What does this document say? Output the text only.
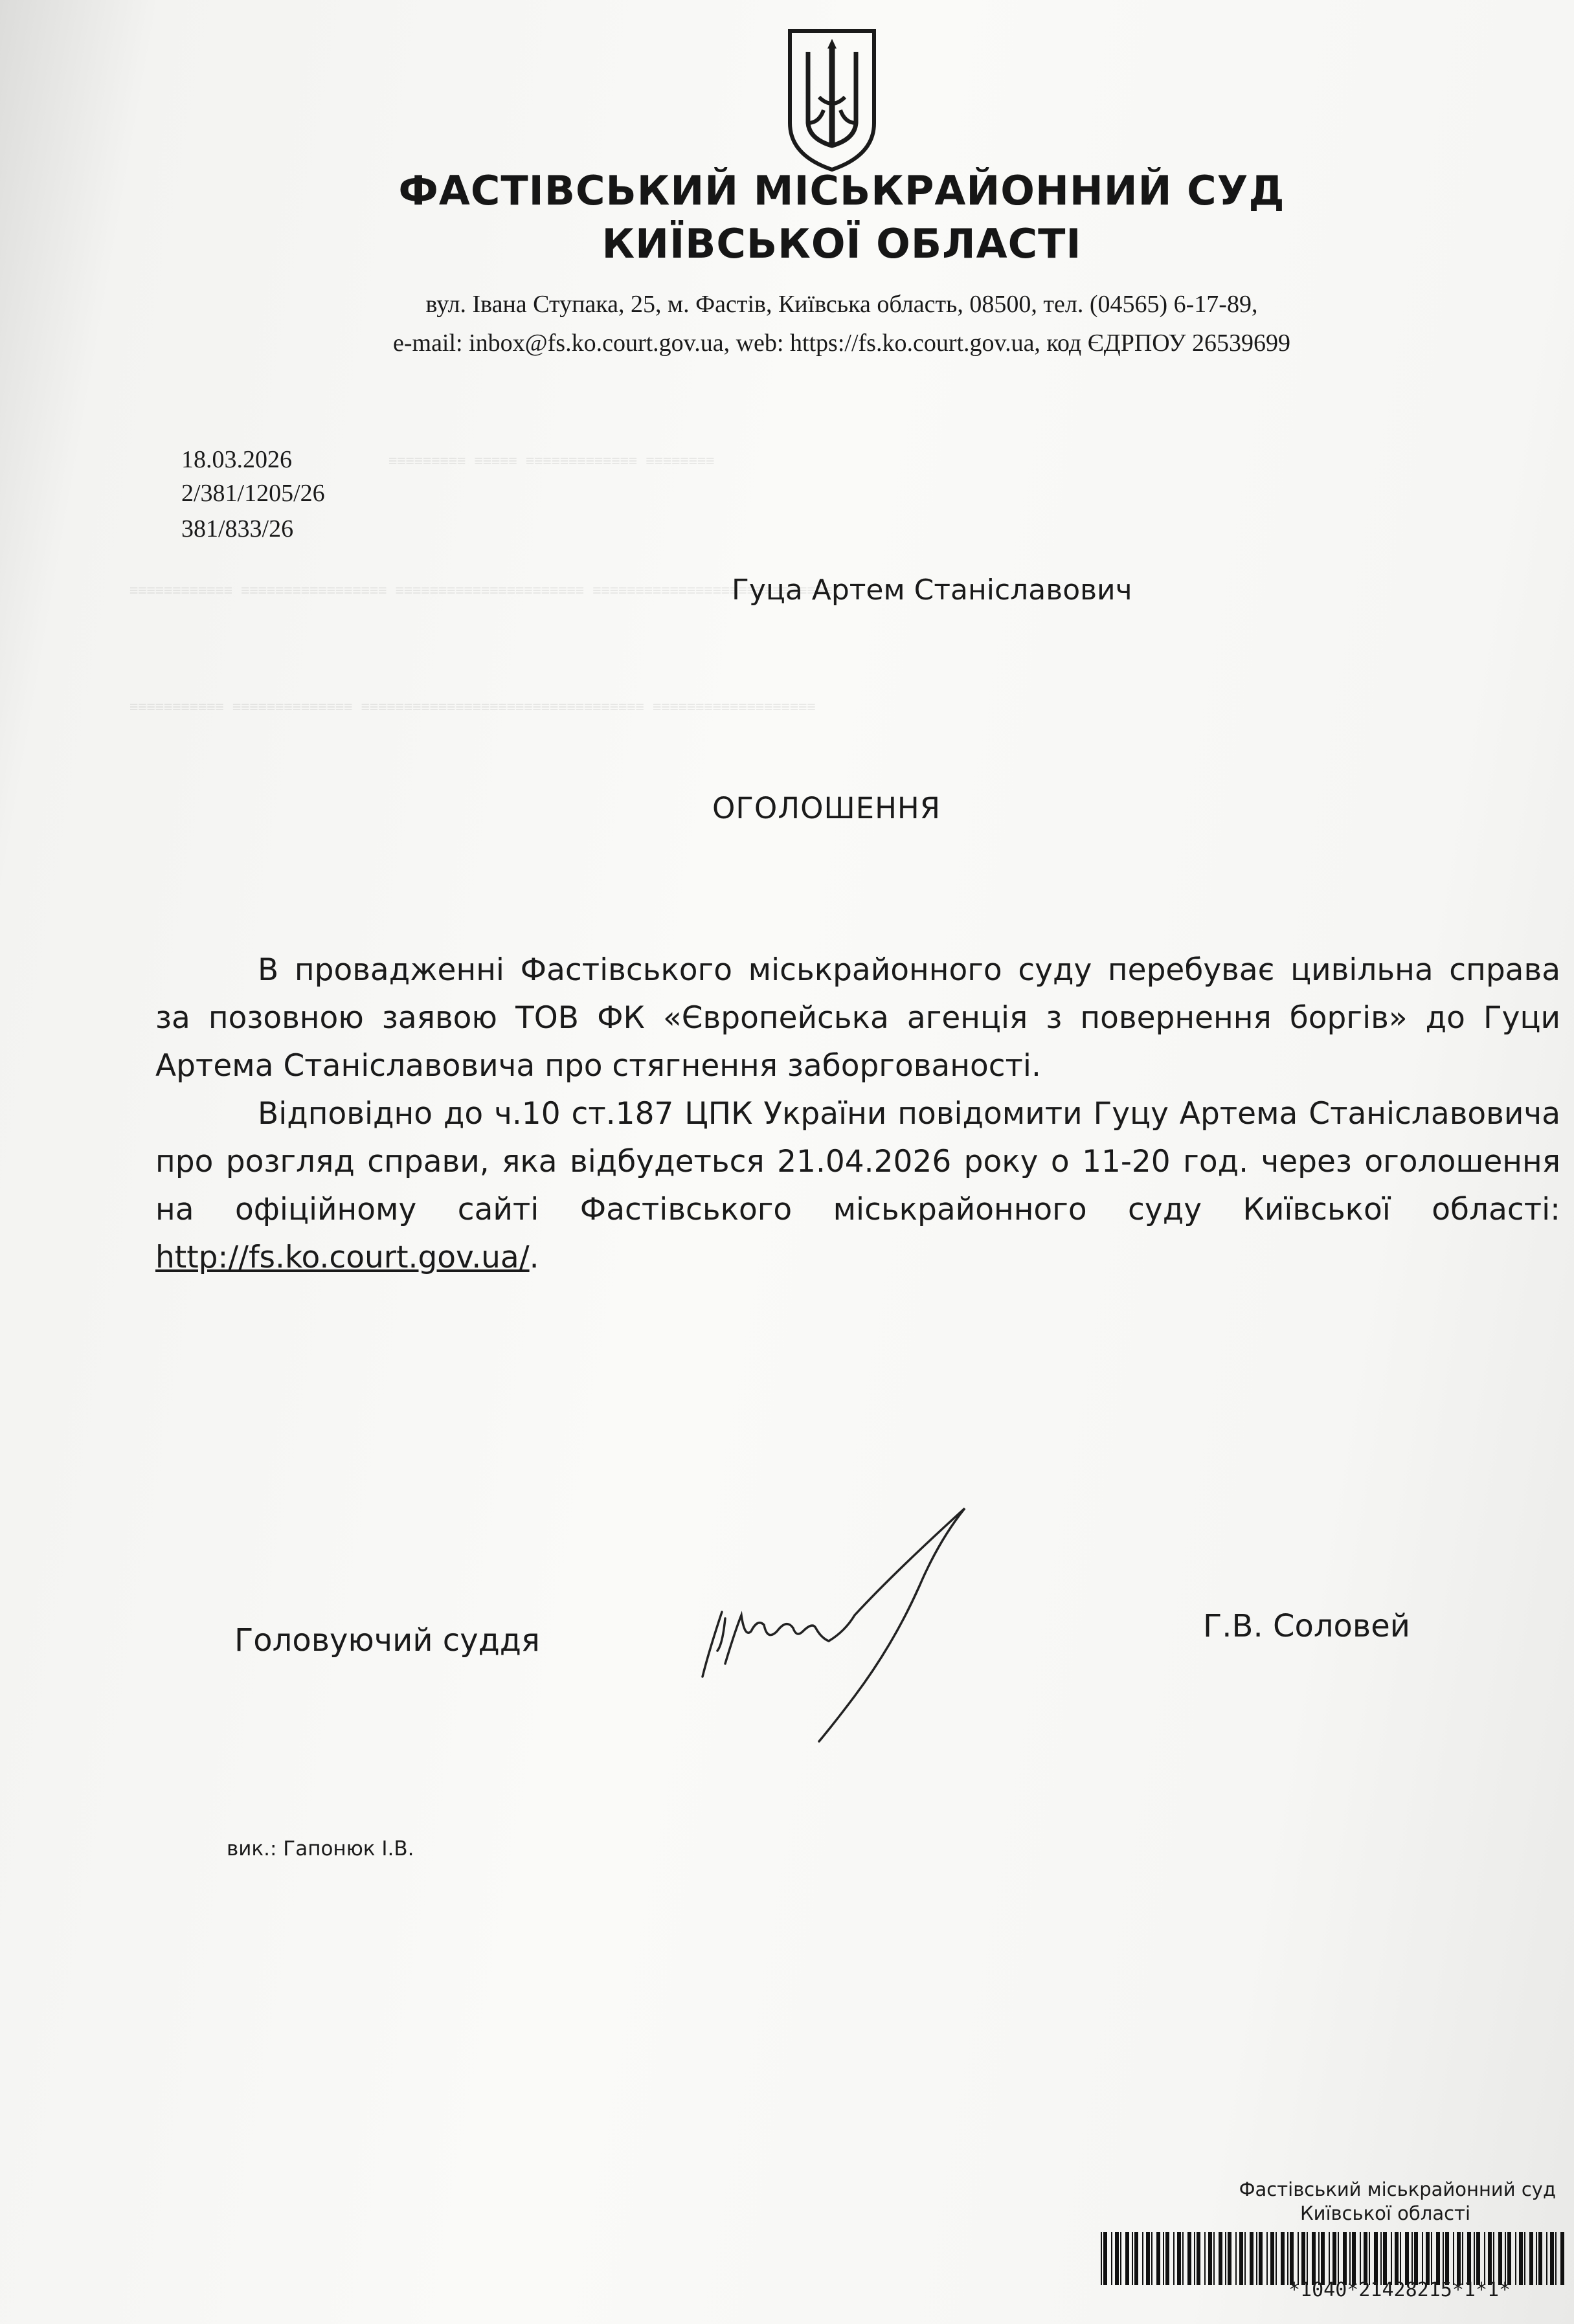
≡≡≡≡≡≡≡≡≡ ≡≡≡≡≡ ≡≡≡≡≡≡≡≡≡≡≡≡≡ ≡≡≡≡≡≡≡≡
≡≡≡≡≡≡≡≡≡≡≡≡ ≡≡≡≡≡≡≡≡≡≡≡≡≡≡≡≡≡ ≡≡≡≡≡≡≡≡≡≡≡≡≡≡≡≡≡≡≡≡≡≡ ≡≡≡≡≡≡≡≡≡≡≡≡≡≡≡≡≡≡≡≡≡≡≡≡≡≡≡≡
≡≡≡≡≡≡≡≡≡≡≡ ≡≡≡≡≡≡≡≡≡≡≡≡≡≡ ≡≡≡≡≡≡≡≡≡≡≡≡≡≡≡≡≡≡≡≡≡≡≡≡≡≡≡≡≡≡≡≡≡ ≡≡≡≡≡≡≡≡≡≡≡≡≡≡≡≡≡≡≡
ФАСТІВСЬКИЙ МІСЬКРАЙОННИЙ СУД
КИЇВСЬКОЇ ОБЛАСТІ
вул. Івана Ступака, 25, м. Фастів, Київська область, 08500, тел. (04565) 6-17-89,
e-mail: inbox@fs.ko.court.gov.ua, web: https://fs.ko.court.gov.ua, код ЄДРПОУ 26539699
18.03.2026
2/381/1205/26
381/833/26
Гуца Артем Станіславович
ОГОЛОШЕННЯ

В провадженні Фастівського міськрайонного суду перебуває цивільна справа за позовною заявою ТОВ ФК «Європейська агенція з повернення боргів» до Гуци Артема Станіславовича про стягнення заборгованості.

Відповідно до ч.10 ст.187 ЦПК України повідомити Гуцу Артема Станіславовича про розгляд справи, яка відбудеться 21.04.2026 року о 11-20 год. через оголошення на офіційному сайті Фастівського міськрайонного суду Київської області: http://fs.ko.court.gov.ua/.

Головуючий суддя	Г.В. Соловей
вик.: Гапонюк І.В.
Фастівський міськрайонний суд
Київської області
*1040*21428215*1*1*
